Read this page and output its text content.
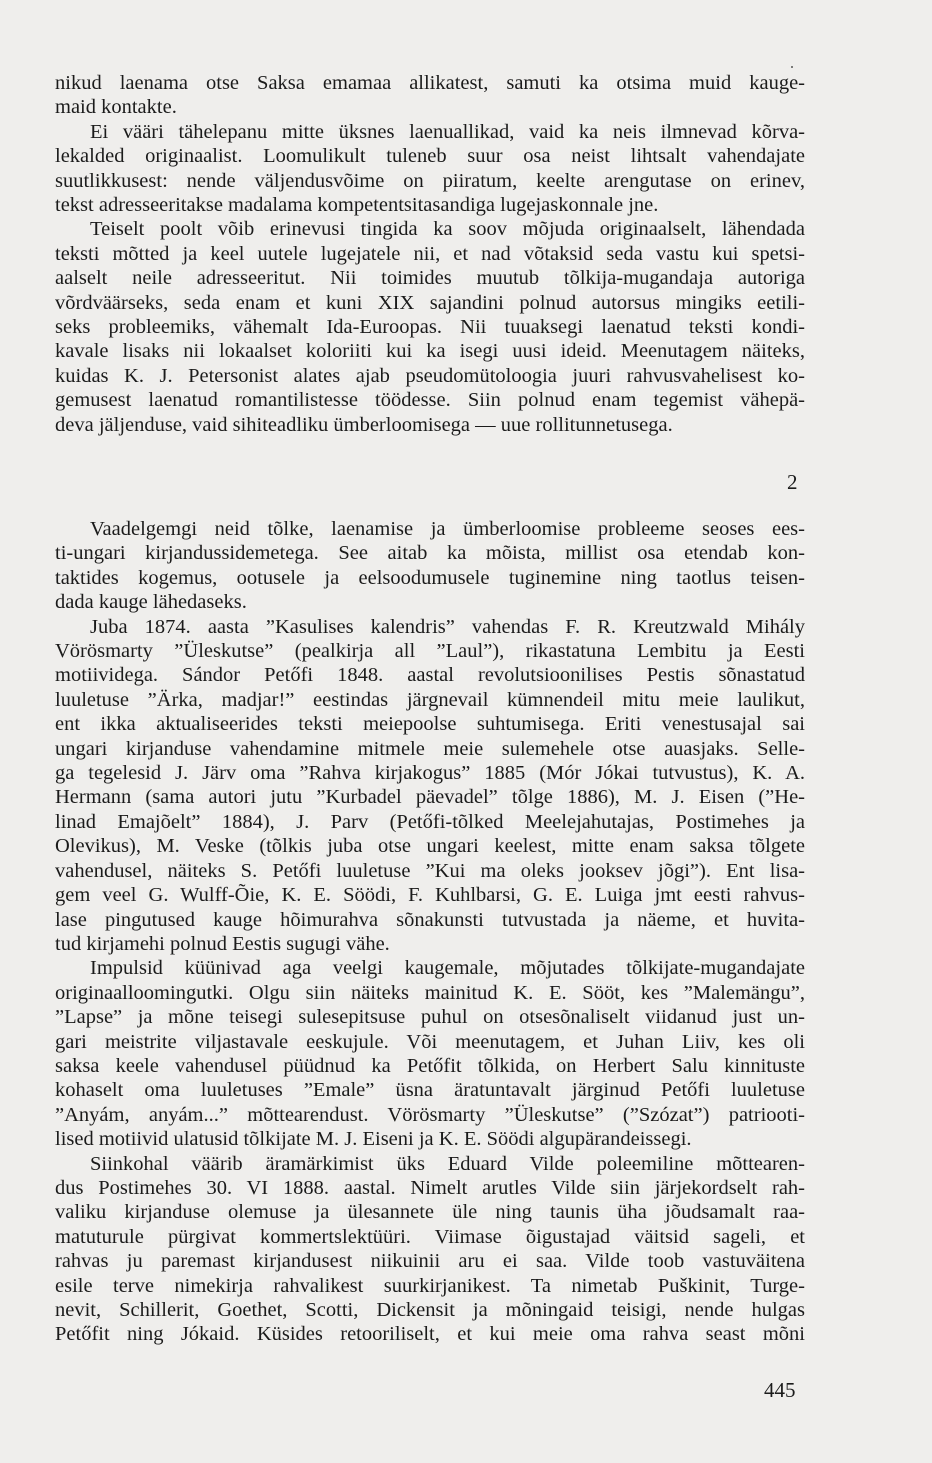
nikud laenama otse Saksa emamaa allikatest, samuti ka otsima muid kauge-
maid kontakte.
Ei vääri tähelepanu mitte üksnes laenuallikad, vaid ka neis ilmnevad kõrva-
lekalded originaalist. Loomulikult tuleneb suur osa neist lihtsalt vahendajate
suutlikkusest: nende väljendusvõime on piiratum, keelte arengutase on erinev,
tekst adresseeritakse madalama kompetentsitasandiga lugejaskonnale jne.
Teiselt poolt võib erinevusi tingida ka soov mõjuda originaalselt, lähendada
teksti mõtted ja keel uutele lugejatele nii, et nad võtaksid seda vastu kui spetsi-
aalselt neile adresseeritut. Nii toimides muutub tõlkija-mugandaja autoriga
võrdväärseks, seda enam et kuni XIX sajandini polnud autorsus mingiks eetili-
seks probleemiks, vähemalt Ida-Euroopas. Nii tuuaksegi laenatud teksti kondi-
kavale lisaks nii lokaalset koloriiti kui ka isegi uusi ideid. Meenutagem näiteks,
kuidas K. J. Petersonist alates ajab pseudomütoloogia juuri rahvusvahelisest ko-
gemusest laenatud romantilistesse töödesse. Siin polnud enam tegemist vähepä-
deva jäljenduse, vaid sihiteadliku ümberloomisega — uue rollitunnetusega.
2
Vaadelgemgi neid tõlke, laenamise ja ümberloomise probleeme seoses ees-
ti-ungari kirjandussidemetega. See aitab ka mõista, millist osa etendab kon-
taktides kogemus, ootusele ja eelsoodumusele tuginemine ning taotlus teisen-
dada kauge lähedaseks.
Juba 1874. aasta ”Kasulises kalendris” vahendas F. R. Kreutzwald Mihály
Vörösmarty ”Üleskutse” (pealkirja all ”Laul”), rikastatuna Lembitu ja Eesti
motiividega. Sándor Petőfi 1848. aastal revolutsioonilises Pestis sõnastatud
luuletuse ”Ärka, madjar!” eestindas järgnevail kümnendeil mitu meie laulikut,
ent ikka aktualiseerides teksti meiepoolse suhtumisega. Eriti venestusajal sai
ungari kirjanduse vahendamine mitmele meie sulemehele otse auasjaks. Selle-
ga tegelesid J. Järv oma ”Rahva kirjakogus” 1885 (Mór Jókai tutvustus), K. A.
Hermann (sama autori jutu ”Kurbadel päevadel” tõlge 1886), M. J. Eisen (”He-
linad Emajõelt” 1884), J. Parv (Petőfi-tõlked Meelejahutajas, Postimehes ja
Olevikus), M. Veske (tõlkis juba otse ungari keelest, mitte enam saksa tõlgete
vahendusel, näiteks S. Petőfi luuletuse ”Kui ma oleks jooksev jõgi”). Ent lisa-
gem veel G. Wulff-Õie, K. E. Söödi, F. Kuhlbarsi, G. E. Luiga jmt eesti rahvus-
lase pingutused kauge hõimurahva sõnakunsti tutvustada ja näeme, et huvita-
tud kirjamehi polnud Eestis sugugi vähe.
Impulsid küünivad aga veelgi kaugemale, mõjutades tõlkijate-mugandajate
originaalloomingutki. Olgu siin näiteks mainitud K. E. Sööt, kes ”Malemängu”,
”Lapse” ja mõne teisegi sulesepitsuse puhul on otsesõnaliselt viidanud just un-
gari meistrite viljastavale eeskujule. Või meenutagem, et Juhan Liiv, kes oli
saksa keele vahendusel püüdnud ka Petőfit tõlkida, on Herbert Salu kinnituste
kohaselt oma luuletuses ”Emale” üsna äratuntavalt järginud Petőfi luuletuse
”Anyám, anyám...” mõttearendust. Vörösmarty ”Üleskutse” (”Szózat”) patriooti-
lised motiivid ulatusid tõlkijate M. J. Eiseni ja K. E. Söödi algupärandeissegi.
Siinkohal väärib äramärkimist üks Eduard Vilde poleemiline mõttearen-
dus Postimehes 30. VI 1888. aastal. Nimelt arutles Vilde siin järjekordselt rah-
valiku kirjanduse olemuse ja ülesannete üle ning taunis üha jõudsamalt raa-
matuturule pürgivat kommertslektüüri. Viimase õigustajad väitsid sageli, et
rahvas ju paremast kirjandusest niikuinii aru ei saa. Vilde toob vastuväitena
esile terve nimekirja rahvalikest suurkirjanikest. Ta nimetab Puškinit, Turge-
nevit, Schillerit, Goethet, Scotti, Dickensit ja mõningaid teisigi, nende hulgas
Petőfit ning Jókaid. Küsides retooriliselt, et kui meie oma rahva seast mõni
445
